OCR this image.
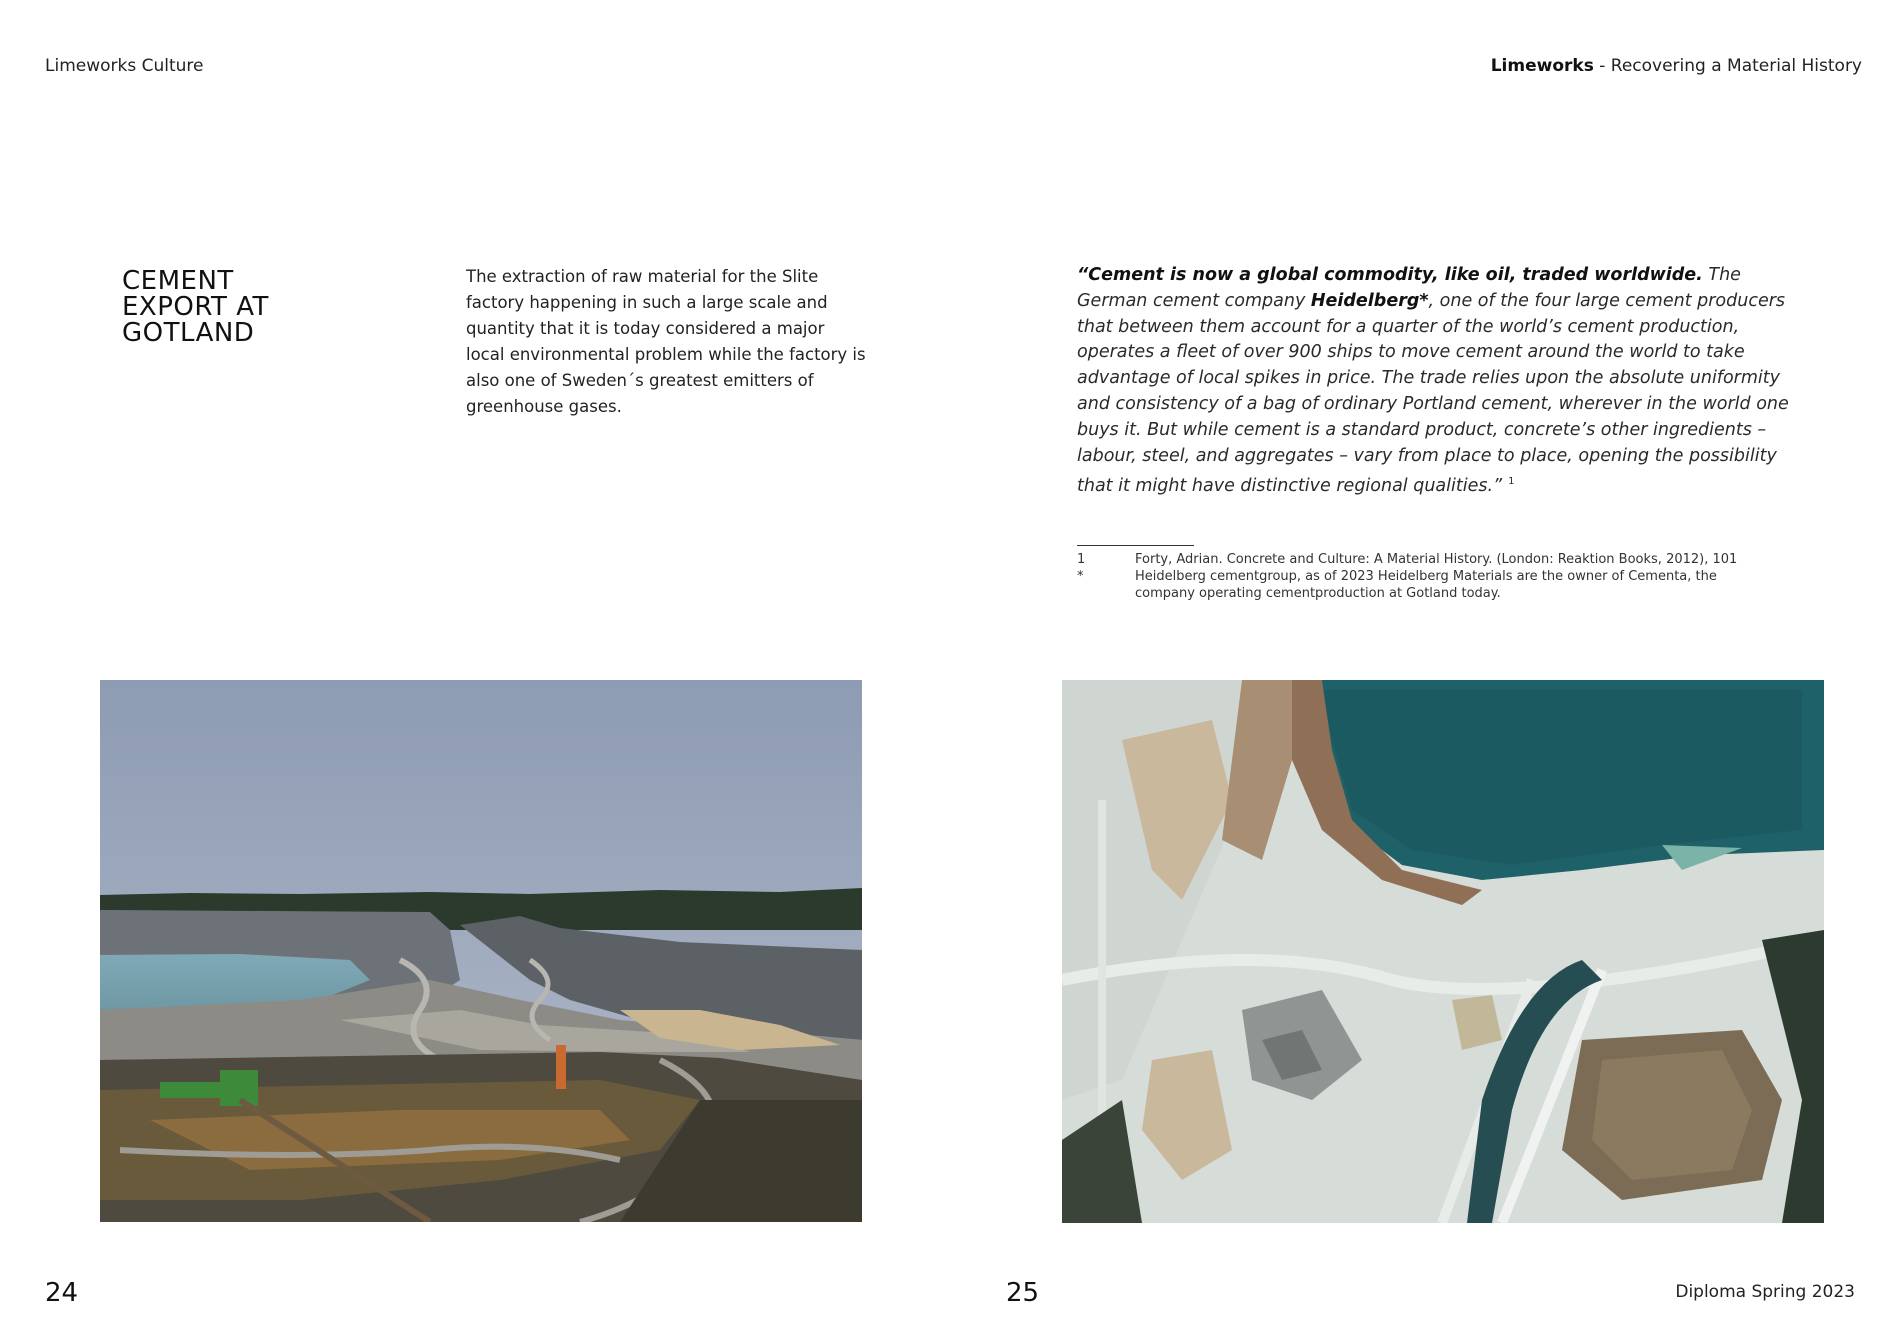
Limeworks Culture	Limeworks - Recovering a Material History
CEMENT
EXPORT AT
GOTLAND
The extraction of raw material for the Slite factory happening in such a large scale and quantity that it is today considered a major local environmental problem while the factory is also one of Sweden´s greatest emitters of greenhouse gases.
“Cement is now a global commodity, like oil, traded worldwide. The German cement company Heidelberg*, one of the four large cement producers that between them account for a quarter of the world’s cement production, operates a fleet of over 900 ships to move cement around the world to take advantage of local spikes in price. The trade relies upon the absolute uniformity and consistency of a bag of ordinary Portland cement, wherever in the world one buys it. But while cement is a standard product, concrete’s other ingredients – labour, steel, and aggregates – vary from place to place, opening the possibility that it might have distinctive regional qualities.” $^1$
1	Forty, Adrian. Concrete and Culture: A Material History. (London: Reaktion Books, 2012), 101
*	Heidelberg cementgroup, as of 2023 Heidelberg Materials are the owner of Cementa, the company operating cementproduction at Gotland today.
24	25	Diploma Spring 2023
